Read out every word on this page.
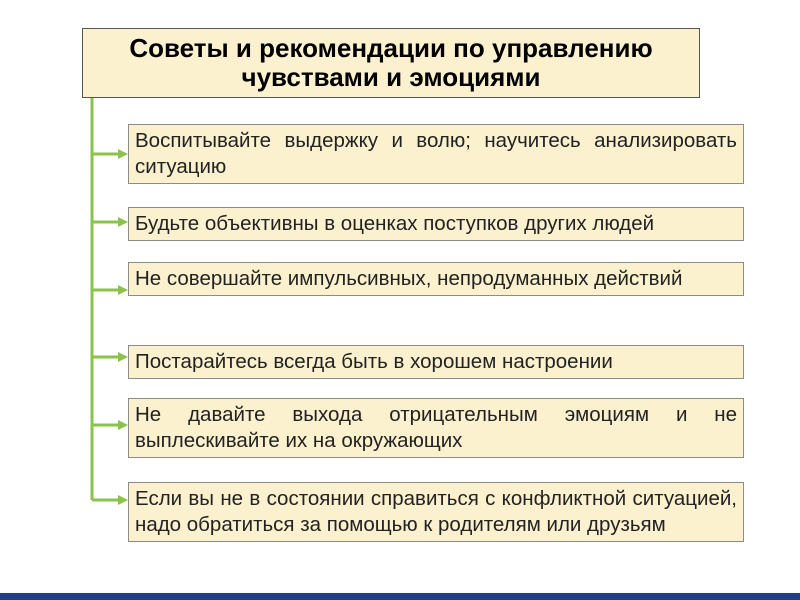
Советы и рекомендации по управлению чувствами и эмоциями
Воспитывайте выдержку и волю; научитесь анализировать ситуацию
Будьте объективны в оценках поступков других людей
Не совершайте импульсивных, непродуманных действий
Постарайтесь всегда быть в хорошем настроении
Не давайте выхода отрицательным эмоциям и не выплескивайте их на окружающих
Если вы не в состоянии справиться с конфликтной ситуацией, надо обратиться за помощью к родителям или друзьям
